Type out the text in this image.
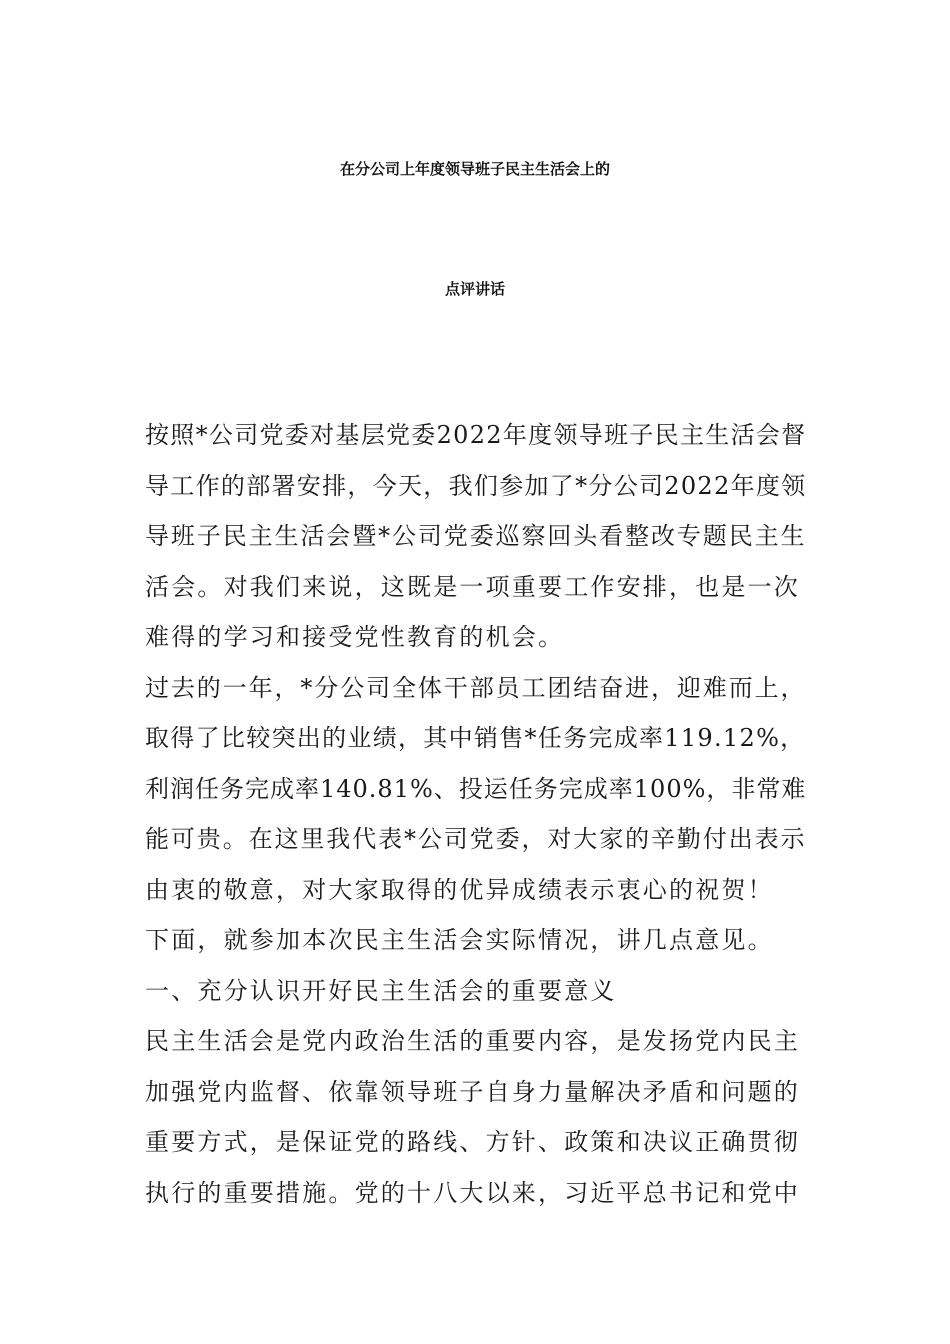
在分公司上年度领导班子民主生活会上的
点评讲话
按照*公司党委对基层党委2022年度领导班子民主生活会督
导工作的部署安排，今天，我们参加了*分公司2022年度领
导班子民主生活会暨*公司党委巡察回头看整改专题民主生
活会。对我们来说，这既是一项重要工作安排，也是一次
难得的学习和接受党性教育的机会。
过去的一年，*分公司全体干部员工团结奋进，迎难而上，
取得了比较突出的业绩，其中销售*任务完成率119.12%，
利润任务完成率140.81%、投运任务完成率100%，非常难
能可贵。在这里我代表*公司党委，对大家的辛勤付出表示
由衷的敬意，对大家取得的优异成绩表示衷心的祝贺！
下面，就参加本次民主生活会实际情况，讲几点意见。
一、充分认识开好民主生活会的重要意义
民主生活会是党内政治生活的重要内容，是发扬党内民主
加强党内监督、依靠领导班子自身力量解决矛盾和问题的
重要方式，是保证党的路线、方针、政策和决议正确贯彻
执行的重要措施。党的十八大以来，习近平总书记和党中
